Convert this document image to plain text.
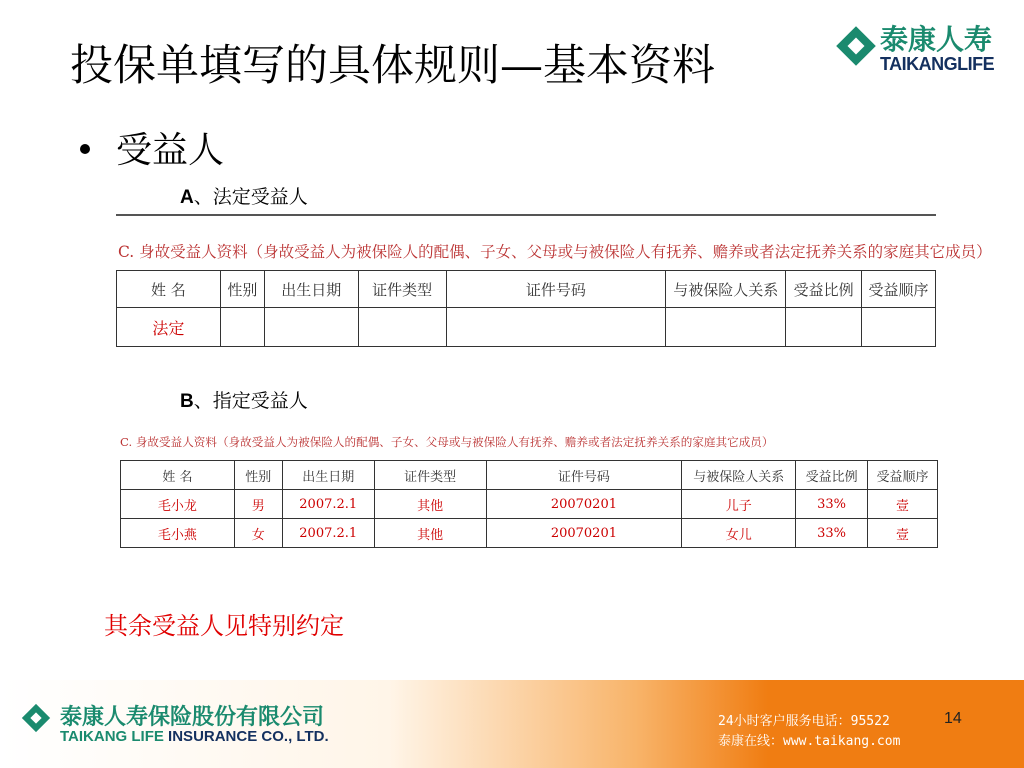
投保单填写的具体规则—基本资料
泰康人寿
TAIKANGLIFE
受益人
A、法定受益人
C. 身故受益人资料（身故受益人为被保险人的配偶、子女、父母或与被保险人有抚养、赡养或者法定抚养关系的家庭其它成员）
姓 名	性别	出生日期	证件类型	证件号码	与被保险人关系	受益比例	受益顺序
法定							
B、指定受益人
C. 身故受益人资料（身故受益人为被保险人的配偶、子女、父母或与被保险人有抚养、赡养或者法定抚养关系的家庭其它成员）
姓 名	性别	出生日期	证件类型	证件号码	与被保险人关系	受益比例	受益顺序
毛小龙	男	2007.2.1	其他	20070201	儿子	33%	壹
毛小燕	女	2007.2.1	其他	20070201	女儿	33%	壹
其余受益人见特别约定
泰康人寿保险股份有限公司
TAIKANG LIFE INSURANCE CO., LTD.
24小时客户服务电话：95522
泰康在线：www.taikang.com
14
